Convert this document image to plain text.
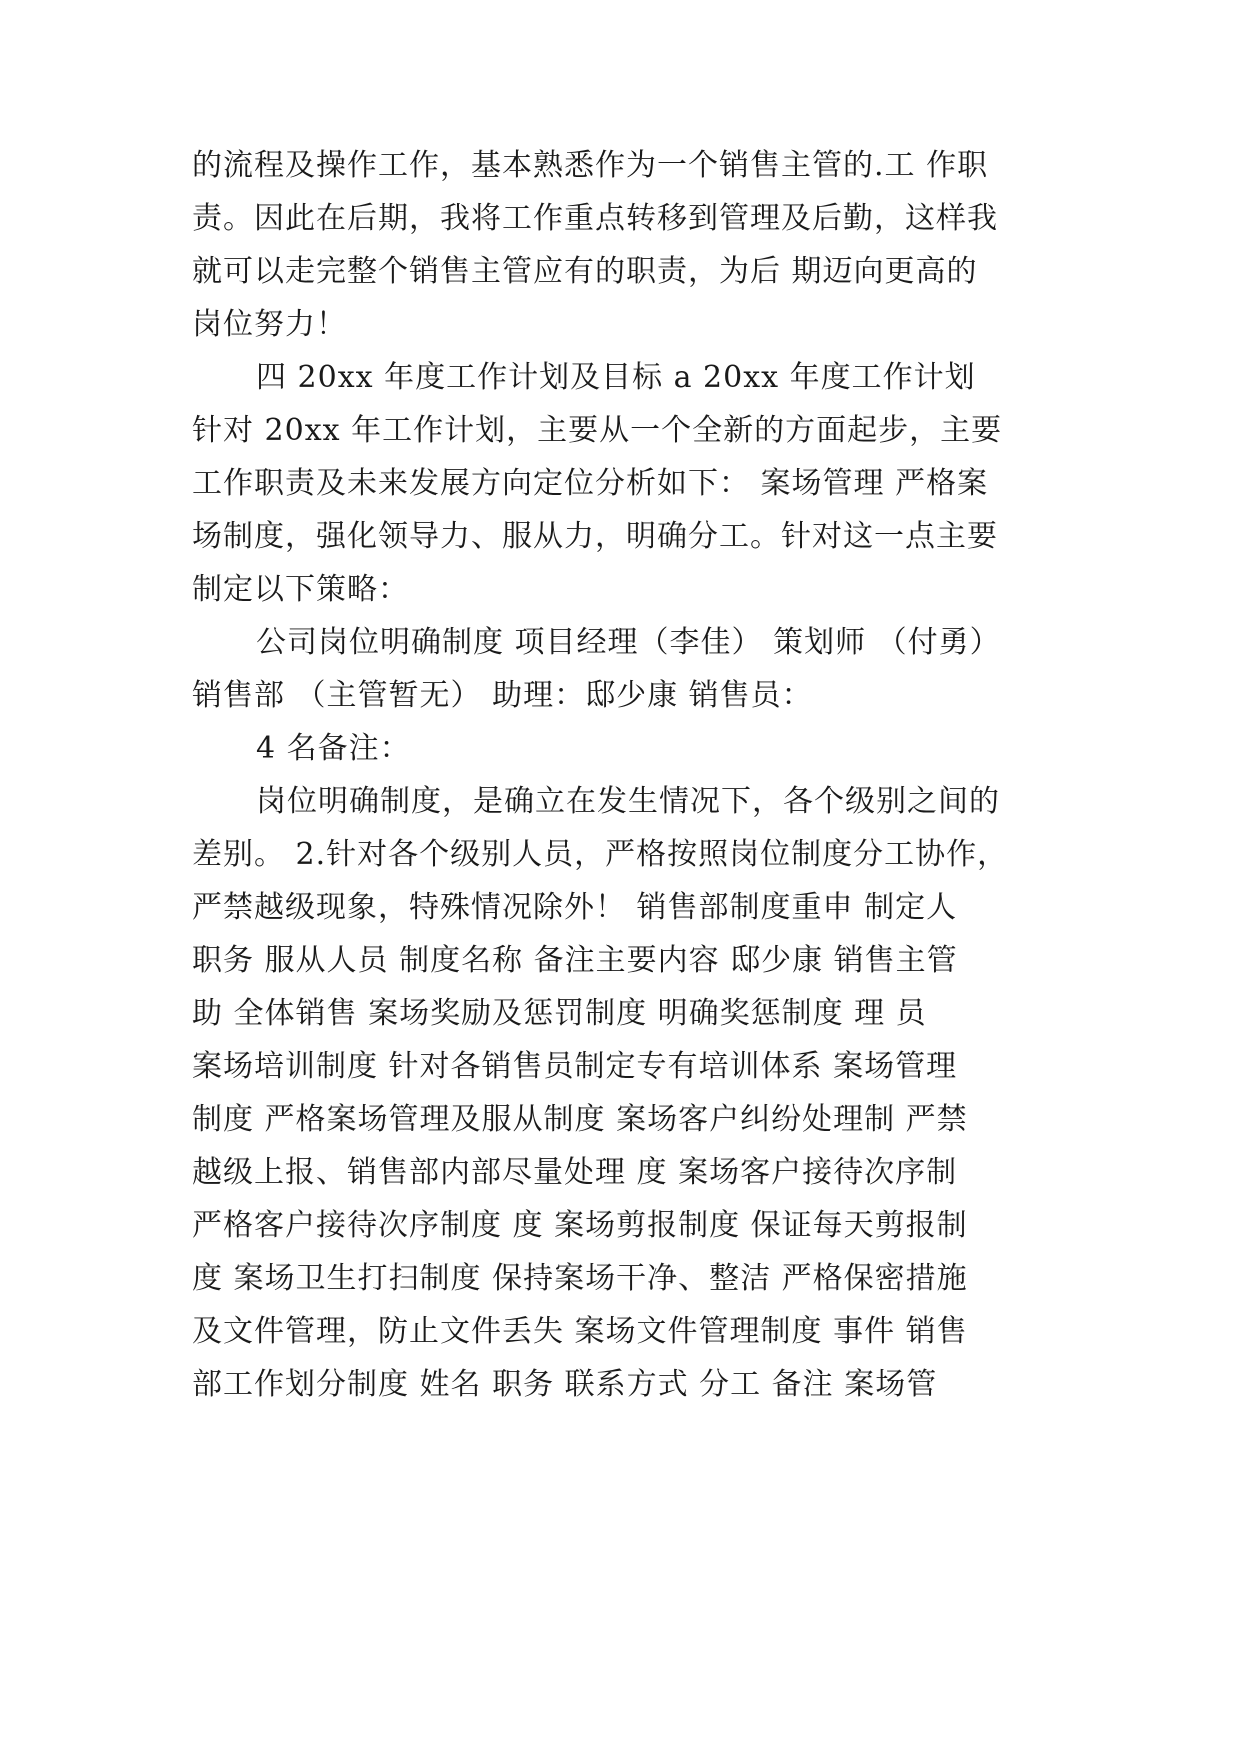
的流程及操作工作，基本熟悉作为一个销售主管的.工 作职
责。因此在后期，我将工作重点转移到管理及后勤，这样我
就可以走完整个销售主管应有的职责，为后 期迈向更高的
岗位努力！
四 20xx 年度工作计划及目标 a 20xx 年度工作计划
针对 20xx 年工作计划，主要从一个全新的方面起步，主要
工作职责及未来发展方向定位分析如下： 案场管理 严格案
场制度，强化领导力、服从力，明确分工。针对这一点主要
制定以下策略：
公司岗位明确制度 项目经理（李佳） 策划师 （付勇）
销售部 （主管暂无） 助理：邸少康 销售员：
4 名备注：
岗位明确制度，是确立在发生情况下，各个级别之间的
差别。 2.针对各个级别人员，严格按照岗位制度分工协作，
严禁越级现象，特殊情况除外！ 销售部制度重申 制定人
职务 服从人员 制度名称 备注主要内容 邸少康 销售主管
助 全体销售 案场奖励及惩罚制度 明确奖惩制度 理 员
案场培训制度 针对各销售员制定专有培训体系 案场管理
制度 严格案场管理及服从制度 案场客户纠纷处理制 严禁
越级上报、销售部内部尽量处理 度 案场客户接待次序制
严格客户接待次序制度 度 案场剪报制度 保证每天剪报制
度 案场卫生打扫制度 保持案场干净、整洁 严格保密措施
及文件管理，防止文件丢失 案场文件管理制度 事件 销售
部工作划分制度 姓名 职务 联系方式 分工 备注 案场管
